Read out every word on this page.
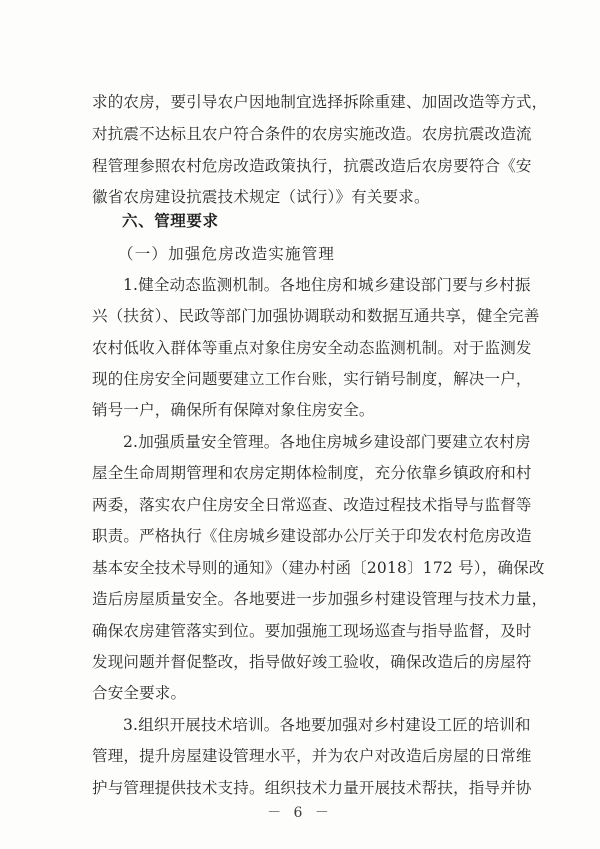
求的农房，要引导农户因地制宜选择拆除重建、加固改造等方式，
对抗震不达标且农户符合条件的农房实施改造。农房抗震改造流
程管理参照农村危房改造政策执行，抗震改造后农房要符合《安
徽省农房建设抗震技术规定（试行）》有关要求。
六、管理要求
（一）加强危房改造实施管理
1.健全动态监测机制。各地住房和城乡建设部门要与乡村振
兴（扶贫）、民政等部门加强协调联动和数据互通共享，健全完善
农村低收入群体等重点对象住房安全动态监测机制。对于监测发
现的住房安全问题要建立工作台账，实行销号制度，解决一户，
销号一户，确保所有保障对象住房安全。
2.加强质量安全管理。各地住房城乡建设部门要建立农村房
屋全生命周期管理和农房定期体检制度，充分依靠乡镇政府和村
两委，落实农户住房安全日常巡查、改造过程技术指导与监督等
职责。严格执行《住房城乡建设部办公厅关于印发农村危房改造
基本安全技术导则的通知》（建办村函〔2018〕172 号），确保改
造后房屋质量安全。各地要进一步加强乡村建设管理与技术力量，
确保农房建管落实到位。要加强施工现场巡查与指导监督，及时
发现问题并督促整改，指导做好竣工验收，确保改造后的房屋符
合安全要求。
3.组织开展技术培训。各地要加强对乡村建设工匠的培训和
管理，提升房屋建设管理水平，并为农户对改造后房屋的日常维
护与管理提供技术支持。组织技术力量开展技术帮扶，指导并协
－ 6 －
